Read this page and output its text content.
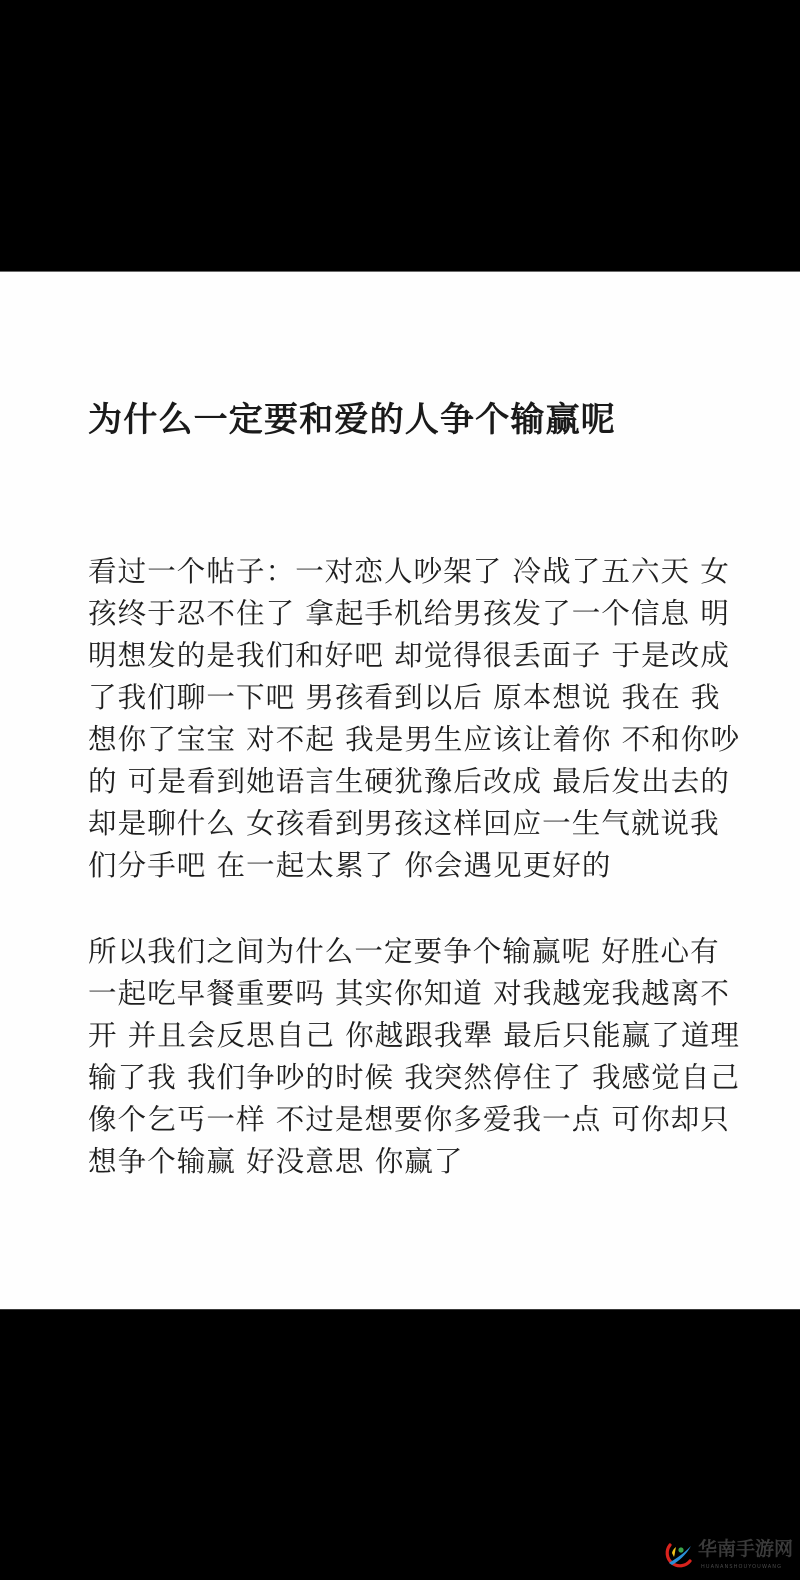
为什么一定要和爱的人争个输赢呢

看过一个帖子：一对恋人吵架了 冷战了五六天 女
孩终于忍不住了 拿起手机给男孩发了一个信息 明
明想发的是我们和好吧 却觉得很丢面子 于是改成
了我们聊一下吧 男孩看到以后 原本想说 我在 我
想你了宝宝 对不起 我是男生应该让着你 不和你吵
的 可是看到她语言生硬犹豫后改成 最后发出去的
却是聊什么 女孩看到男孩这样回应一生气就说我
们分手吧 在一起太累了 你会遇见更好的

所以我们之间为什么一定要争个输赢呢 好胜心有
一起吃早餐重要吗 其实你知道 对我越宠我越离不
开 并且会反思自己 你越跟我犟 最后只能赢了道理
输了我 我们争吵的时候 我突然停住了 我感觉自己
像个乞丐一样 不过是想要你多爱我一点 可你却只
想争个输赢 好没意思 你赢了

华南手游网
HUANANSHOUYOUWANG
